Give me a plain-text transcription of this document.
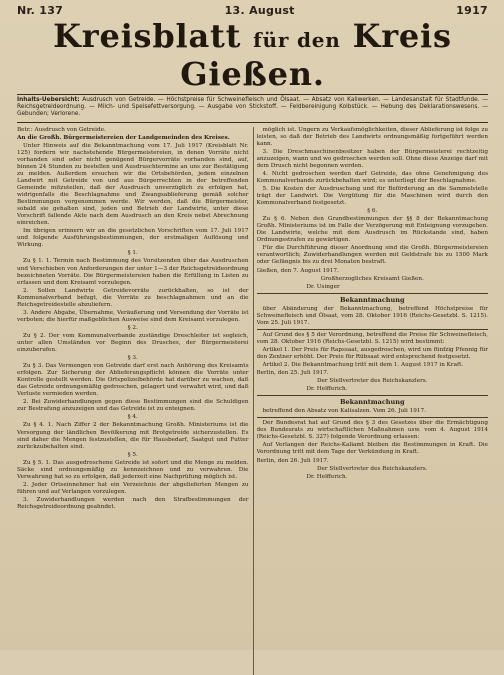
Nr. 137	13. August	1917
Kreisblatt für den Kreis Gießen.
Inhalts-Uebersicht: Ausdrusch von Getreide. — Höchstpreise für Schweinefleisch und Ölsaat. — Absatz von Kaliwerken. — Landesanstalt für Stadtfunde. — Reichsgetreideordnung. — Milch- und Speisefettversorgung. — Ausgabe von Stickstoff. — Feldbereinigung Kolbstück. — Hebung des Deklarationswesens. — Gebunden; Verlorene.

Betr.: Ausdrusch von Getreide.

An die Großh. Bürgermeistereien der Landgemeinden des Kreises.

Unter Hinweis auf die Bekanntmachung vom 17. Juli 1917 (Kreisblatt Nr. 125) fordern wir nachstehende Bürgermeistereien, in denen Vorräte nicht vorhanden sind oder nicht genügend Bürgervorräte vorhanden sind, auf, binnen 24 Stunden zu bestellen und Ausdruschtermine an uns zur Bestätigung zu melden. Außerdem ersuchen wir die Ortsbehörden, jedem einzelnen Landwirt mit Getreide von und aus Bürgerrechten in der betreffenden Gemeinde mitzuteilen, daß der Ausdrusch unverzüglich zu erfolgen hat, widrigenfalls die Beschlagnahme und Zwangsablieferung gemäß solcher Bestimmungen vorgenommen werde. Wir werden, daß die Bürgermeister, sobald sie gehalten sind, jeden und Betrieb der Landwirte, unter diese Vorschrift fallende Akte nach dem Ausdrusch an den Kreis nebst Abrechnung einreichen.

Im übrigen erinnern wir an die gesetzlichen Vorschriften vom 17. Juli 1917 und folgende Ausführungsbestimmungen, der erstmaligen Auflösung und Wirkung.

§ 1.

Zu § 1. 1. Termin nach Bestimmung des Vorsitzenden über das Ausdruschen und Verschieben von Anforderungen der unter 1—3 der Reichsgetreideordnung bezeichneten Vorräte. Die Bürgermeistereien haben die Erfüllung in Listen zu erfassen und dem Kreisamt vorzulegen.

2. Sollen Landwirte Getreidevorräte zurückhalten, so ist der Kommunalverband befugt, die Vorräte zu beschlagnahmen und an die Reichsgetreidestelle abzuliefern.

3. Andere Abgabe, Übernahme, Veräußerung und Versendung der Vorräte ist verboten; die hierfür maßgeblichen Ausweise sind dem Kreisamt vorzulegen.

§ 2.

Zu § 2. Der vom Kommunalverbande zuständige Dreschleiter ist sogleich, unter allen Umständen vor Beginn des Drusches, der Bürgermeisterei einzuberufen.

§ 3.

Zu § 3. Das Vermengen von Getreide darf erst nach Anhörung des Kreisamts erfolgen. Zur Sicherung der Ablieferungspflicht können die Vorräte unter Kontrolle gestellt werden. Die Ortspolizeibehörde hat darüber zu wachen, daß das Getreide ordnungsmäßig gedroschen, gelagert und verwahrt wird, und daß Verluste vermieden werden.

2. Bei Zuwiderhandlungen gegen diese Bestimmungen sind die Schuldigen zur Bestrafung anzuzeigen und das Getreide ist zu enteignen.

§ 4.

Zu § 4. 1. Nach Ziffer 2 der Bekanntmachung Großh. Ministeriums ist die Versorgung der ländlichen Bevölkerung mit Brotgetreide sicherzustellen. Es sind daher die Mengen festzustellen, die für Hausbedarf, Saatgut und Futter zurückzubehalten sind.

§ 5.

Zu § 5. 1. Das ausgedroschene Getreide ist sofort und die Menge zu melden. Säcke sind ordnungsmäßig zu kennzeichnen und zu verwahren. Die Verwahrung hat so zu erfolgen, daß jederzeit eine Nachprüfung möglich ist.

2. Jeder Ortseinnehmer hat ein Verzeichnis der abgelieferten Mengen zu führen und auf Verlangen vorzulegen.

3. Zuwiderhandlungen werden nach den Strafbestimmungen der Reichsgetreideordnung geahndet.

möglich ist. Ungern zu Verkaufsmöglichkeiten, dieser Ablieferung ist folge zu leisten, so daß der Betrieb des Landwirts ordnungsmäßig fortgeführt werden kann.

3. Die Dreschmaschinenbesitzer haben der Bürgermeisterei rechtzeitig anzuzeigen, wann und wo gedroschen werden soll. Ohne diese Anzeige darf mit dem Drusch nicht begonnen werden.

4. Nicht gedroschen werden darf Getreide, das ohne Genehmigung des Kommunalverbands zurückbehalten wird; es unterliegt der Beschlagnahme.

5. Die Kosten der Ausdruschung und für Beförderung an die Sammelstelle trägt der Landwirt. Die Vergütung für die Maschinen wird durch den Kommunalverband festgesetzt.

§ 6.

Zu § 6. Neben den Grundbestimmungen der §§ 8 der Bekanntmachung Großh. Ministeriums ist im Falle der Verzögerung mit Enteignung vorzugehen. Die Landwirte, welche mit dem Ausdrusch im Rückstande sind, haben Ordnungsstrafen zu gewärtigen.

Für die Durchführung dieser Anordnung sind die Großh. Bürgermeistereien verantwortlich; Zuwiderhandlungen werden mit Geldstrafe bis zu 1500 Mark oder Gefängnis bis zu drei Monaten bestraft.

Gießen, den 7. August 1917.

Großherzogliches Kreisamt Gießen.

Dr. Usinger

Bekanntmachung

über Abänderung der Bekanntmachung, betreffend Höchstpreise für Schweinefleisch und Ölsaat, vom 28. Oktober 1916 (Reichs-Gesetzbl. S. 1215). Vom 25. Juli 1917.

Auf Grund des § 5 der Verordnung, betreffend die Preise für Schweinefleisch, vom 28. Oktober 1916 (Reichs-Gesetzbl. S. 1215) wird bestimmt:

Artikel 1. Der Preis für Rapssaat, ausgedroschen, wird um fünfzig Pfennig für den Zentner erhöht. Der Preis für Rübsaat wird entsprechend festgesetzt.

Artikel 2. Die Bekanntmachung tritt mit dem 1. August 1917 in Kraft.

Berlin, den 25. Juli 1917.

Der Stellvertreter des Reichskanzlers.

Dr. Helfferich.

Bekanntmachung

betreffend den Absatz von Kalisalzen. Vom 26. Juli 1917.

Der Bundesrat hat auf Grund des § 3 des Gesetzes über die Ermächtigung des Bundesrats zu wirtschaftlichen Maßnahmen usw. vom 4. August 1914 (Reichs-Gesetzbl. S. 327) folgende Verordnung erlassen:

Auf Verlangen der Reichs-Kaliamt bleiben die Bestimmungen in Kraft. Die Verordnung tritt mit dem Tage der Verkündung in Kraft.

Berlin, den 26. Juli 1917.

Der Stellvertreter des Reichskanzlers.

Dr. Helfferich.
